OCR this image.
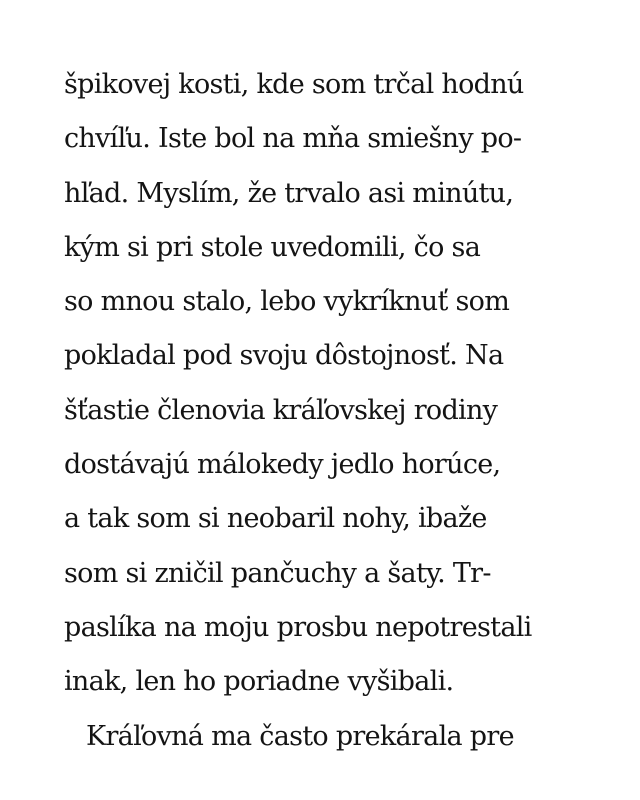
špikovej kosti, kde som trčal hodnú
chvíľu. Iste bol na mňa smiešny po-
hľad. Myslím, že trvalo asi minútu,
kým si pri stole uvedomili, čo sa
so mnou stalo, lebo vykríknuť som
pokladal pod svoju dôstojnosť. Na
šťastie členovia kráľovskej rodiny
dostávajú málokedy jedlo horúce,
a tak som si neobaril nohy, ibaže
som si zničil pančuchy a šaty. Tr-
paslíka na moju prosbu nepotrestali
inak, len ho poriadne vyšibali.
Kráľovná ma často prekárala pre
